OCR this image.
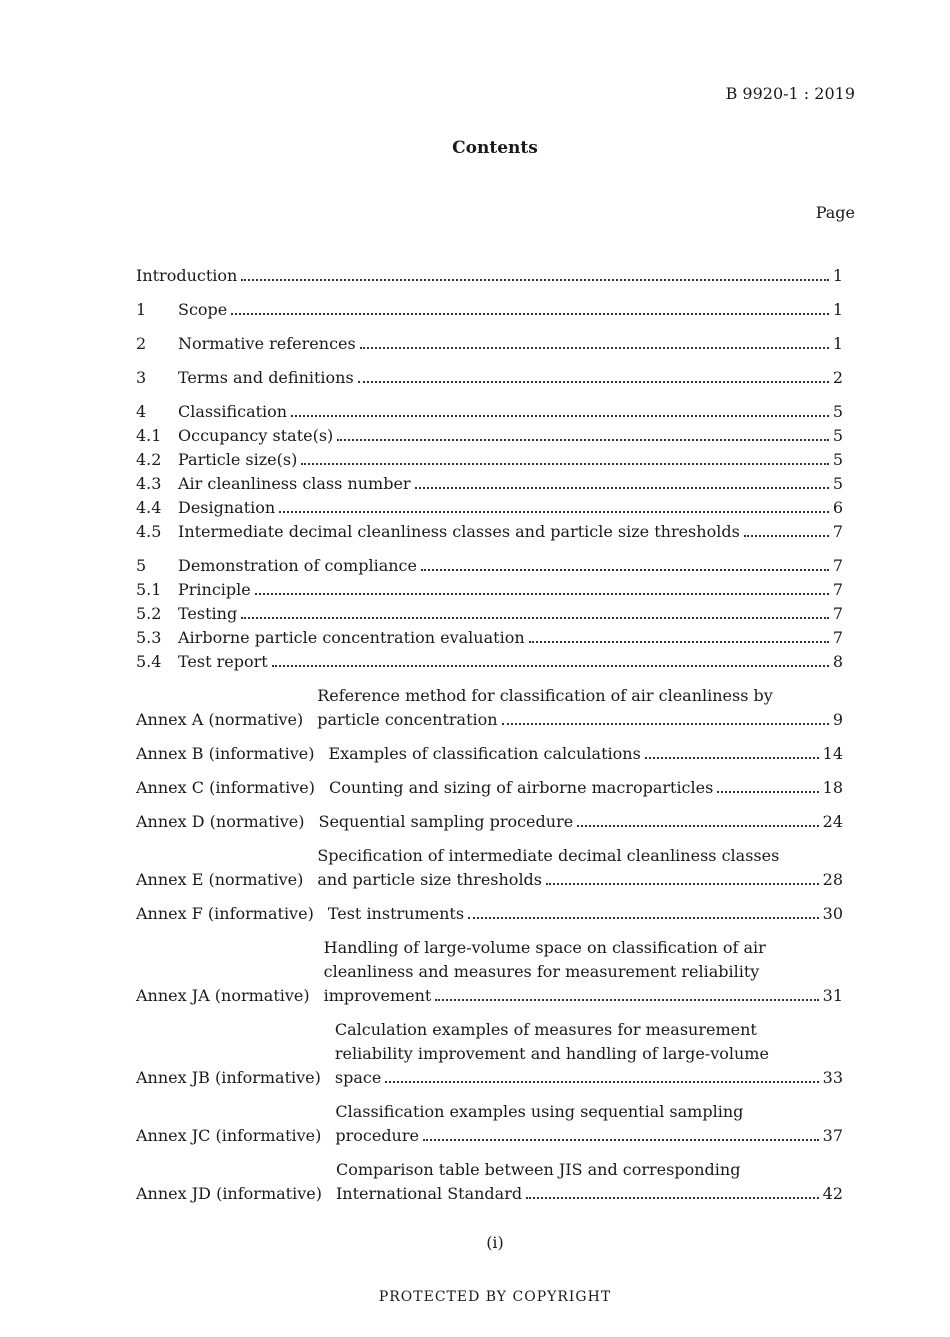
B 9920-1 : 2019
Contents
Page
Introduction	1
1	Scope	1
2	Normative references	1
3	Terms and definitions	2
4	Classification	5
4.1	Occupancy state(s)	5
4.2	Particle size(s)	5
4.3	Air cleanliness class number	5
4.4	Designation	6
4.5	Intermediate decimal cleanliness classes and particle size thresholds	7
5	Demonstration of compliance	7
5.1	Principle	7
5.2	Testing	7
5.3	Airborne particle concentration evaluation	7
5.4	Test report	8
Annex A (normative)
Reference method for classification of air cleanliness by
particle concentration	9
Annex B (informative) Examples of classification calculations	14
Annex C (informative) Counting and sizing of airborne macroparticles	18
Annex D (normative) Sequential sampling procedure	24
Annex E (normative)
Specification of intermediate decimal cleanliness classes
and particle size thresholds	28
Annex F (informative) Test instruments	30
Annex JA (normative)
Handling of large-volume space on classification of air
cleanliness and measures for measurement reliability
improvement	31
Annex JB (informative)
Calculation examples of measures for measurement
reliability improvement and handling of large-volume
space	33
Annex JC (informative)
Classification examples using sequential sampling
procedure	37
Annex JD (informative)
Comparison table between JIS and corresponding
International Standard	42
(i)
PROTECTED BY COPYRIGHT
